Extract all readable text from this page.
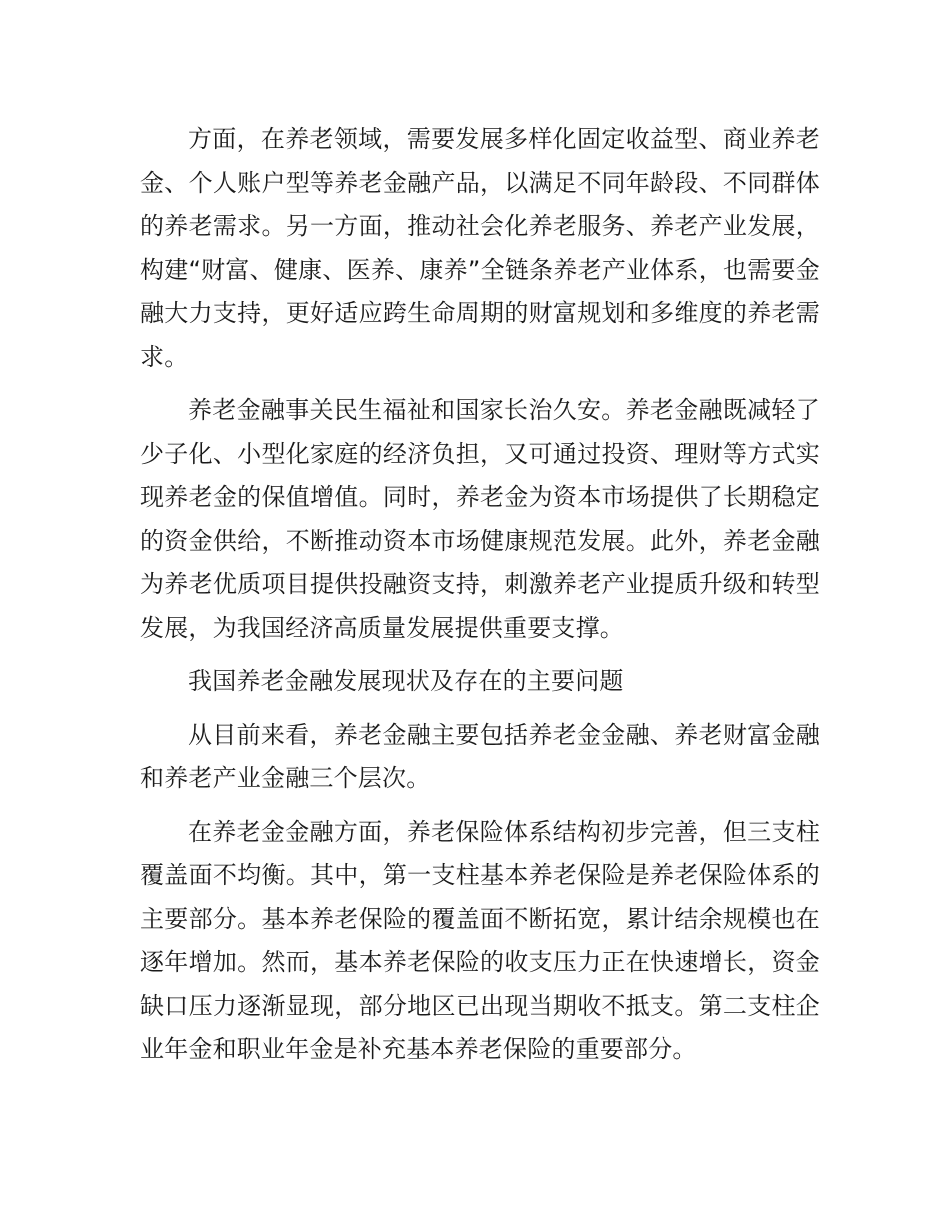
方面，在养老领域，需要发展多样化固定收益型、商业养老金、个人账户型等养老金融产品，以满足不同年龄段、不同群体的养老需求。另一方面，推动社会化养老服务、养老产业发展，构建“财富、健康、医养、康养”全链条养老产业体系，也需要金融大力支持，更好适应跨生命周期的财富规划和多维度的养老需求。

养老金融事关民生福祉和国家长治久安。养老金融既减轻了少子化、小型化家庭的经济负担，又可通过投资、理财等方式实现养老金的保值增值。同时，养老金为资本市场提供了长期稳定的资金供给，不断推动资本市场健康规范发展。此外，养老金融为养老优质项目提供投融资支持，刺激养老产业提质升级和转型发展，为我国经济高质量发展提供重要支撑。

我国养老金融发展现状及存在的主要问题

从目前来看，养老金融主要包括养老金金融、养老财富金融和养老产业金融三个层次。

在养老金金融方面，养老保险体系结构初步完善，但三支柱覆盖面不均衡。其中，第一支柱基本养老保险是养老保险体系的主要部分。基本养老保险的覆盖面不断拓宽，累计结余规模也在逐年增加。然而，基本养老保险的收支压力正在快速增长，资金缺口压力逐渐显现，部分地区已出现当期收不抵支。第二支柱企业年金和职业年金是补充基本养老保险的重要部分。
